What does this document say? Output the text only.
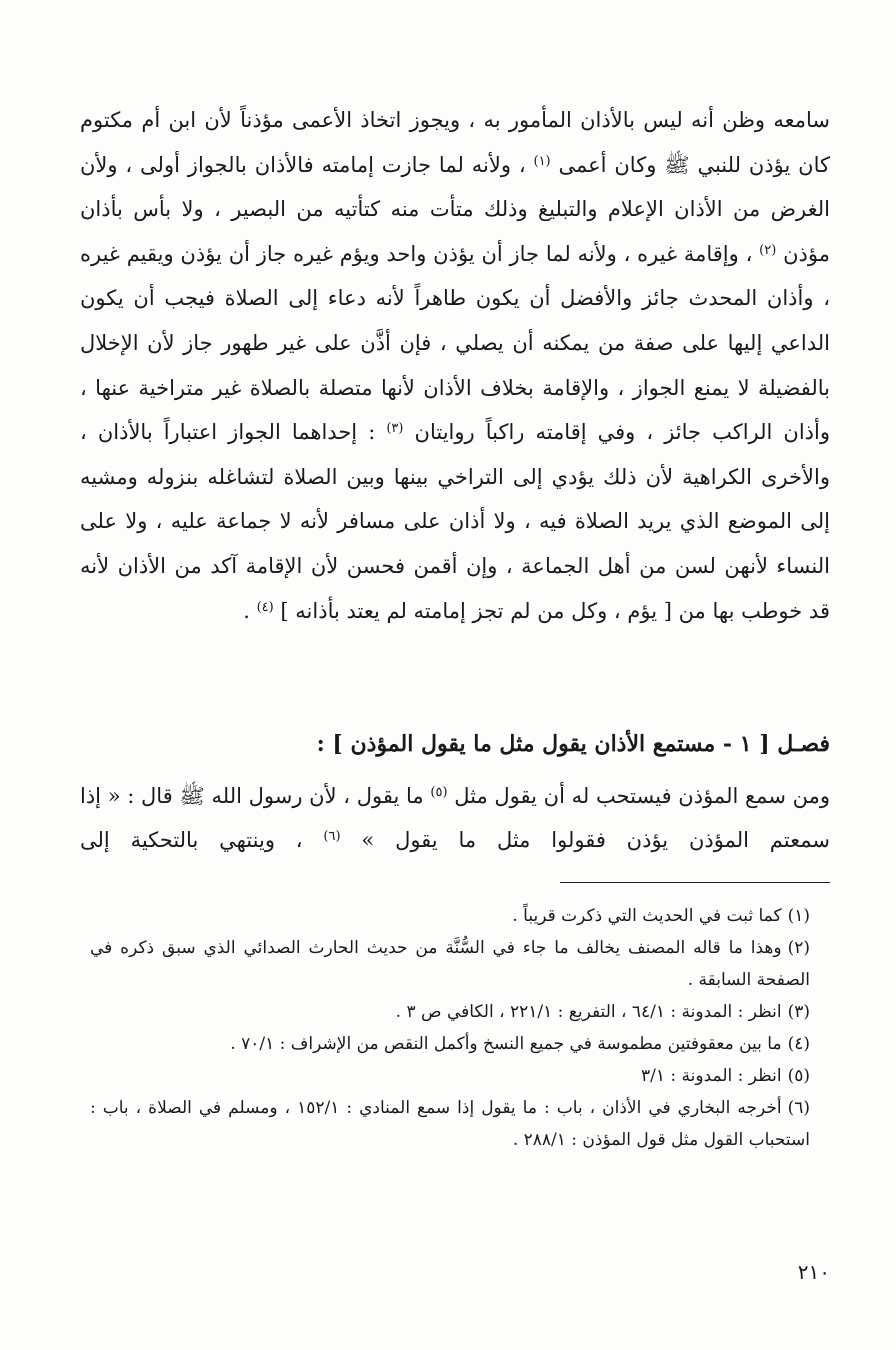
سامعه وظن أنه ليس بالأذان المأمور به ، ويجوز اتخاذ الأعمى مؤذناً لأن ابن أم مكتوم كان يؤذن للنبي ﷺ وكان أعمى $^{(١)}$ ، ولأنه لما جازت إمامته فالأذان بالجواز أولى ، ولأن الغرض من الأذان الإعلام والتبليغ وذلك متأت منه كتأتيه من البصير ، ولا بأس بأذان مؤذن $^{(٢)}$ ، وإقامة غيره ، ولأنه لما جاز أن يؤذن واحد ويؤم غيره جاز أن يؤذن ويقيم غيره ، وأذان المحدث جائز والأفضل أن يكون طاهراً لأنه دعاء إلى الصلاة فيجب أن يكون الداعي إليها على صفة من يمكنه أن يصلي ، فإن أذَّن على غير طهور جاز لأن الإخلال بالفضيلة لا يمنع الجواز ، والإقامة بخلاف الأذان لأنها متصلة بالصلاة غير متراخية عنها ، وأذان الراكب جائز ، وفي إقامته راكباً روايتان $^{(٣)}$ : إحداهما الجواز اعتباراً بالأذان ، والأخرى الكراهية لأن ذلك يؤدي إلى التراخي بينها وبين الصلاة لتشاغله بنزوله ومشيه إلى الموضع الذي يريد الصلاة فيه ، ولا أذان على مسافر لأنه لا جماعة عليه ، ولا على النساء لأنهن لسن من أهل الجماعة ، وإن أقمن فحسن لأن الإقامة آكد من الأذان لأنه قد خوطب بها من [ يؤم ، وكل من لم تجز إمامته لم يعتد بأذانه ] $^{(٤)}$ .

فصـل [ ١ - مستمع الأذان يقول مثل ما يقول المؤذن ] :

ومن سمع المؤذن فيستحب له أن يقول مثل $^{(٥)}$ ما يقول ، لأن رسول الله ﷺ قال : « إذا سمعتم المؤذن يؤذن فقولوا مثل ما يقول » $^{(٦)}$ ، وينتهي بالتحكية إلى

(١)كما ثبت في الحديث التي ذكرت قريباً .
(٢)وهذا ما قاله المصنف يخالف ما جاء في السُّنَّة من حديث الحارث الصدائي الذي سبق ذكره في الصفحة السابقة .
(٣)انظر : المدونة : ٦٤/١ ، التفريع : ٢٢١/١ ، الكافي ص ٣ .
(٤)ما بين معقوفتين مطموسة في جميع النسخ وأكمل النقص من الإشراف : ٧٠/١ .
(٥)انظر : المدونة : ٣/١
(٦)أخرجه البخاري في الأذان ، باب : ما يقول إذا سمع المنادي : ١٥٢/١ ، ومسلم في الصلاة ، باب : استحباب القول مثل قول المؤذن : ٢٨٨/١ .
٢١٠
